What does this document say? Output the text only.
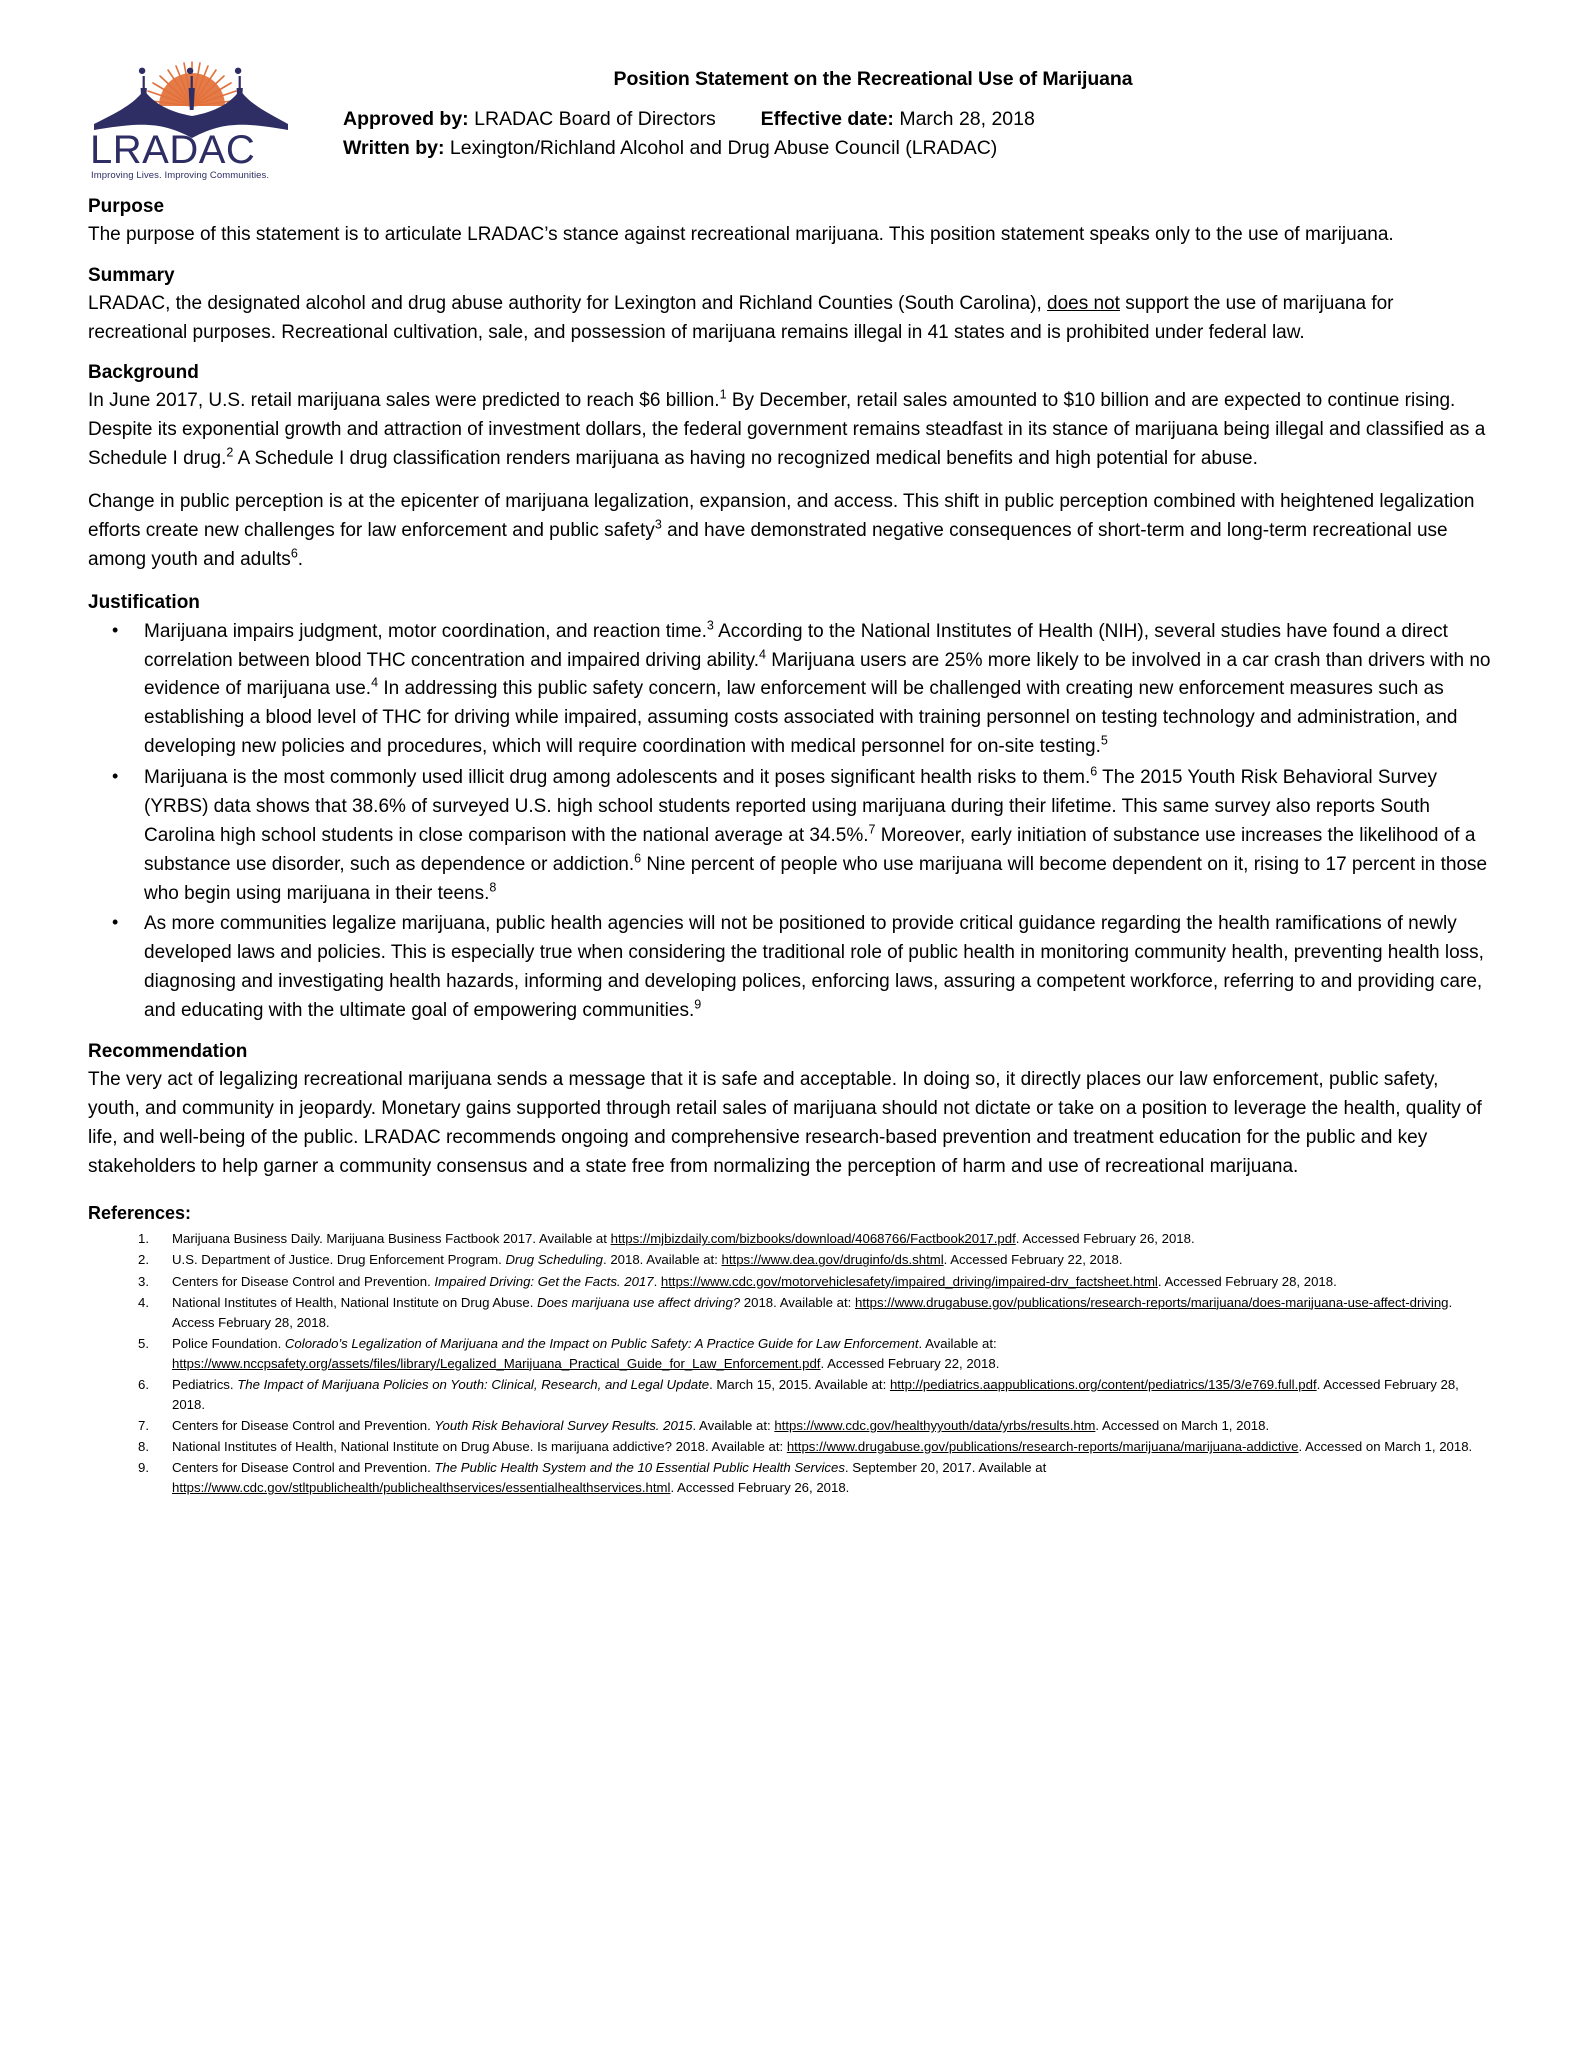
LRADAC
Improving Lives. Improving Communities.
Position Statement on the Recreational Use of Marijuana
Approved by: LRADAC Board of Directors Effective date: March 28, 2018
Written by: Lexington/Richland Alcohol and Drug Abuse Council (LRADAC)
Purpose

The purpose of this statement is to articulate LRADAC’s stance against recreational marijuana. This position statement speaks only to the use of marijuana.

Summary

LRADAC, the designated alcohol and drug abuse authority for Lexington and Richland Counties (South Carolina), does not support the use of marijuana for recreational purposes. Recreational cultivation, sale, and possession of marijuana remains illegal in 41 states and is prohibited under federal law.

Background

In June 2017, U.S. retail marijuana sales were predicted to reach $6 billion.$^1$ By December, retail sales amounted to $10 billion and are expected to continue rising. Despite its exponential growth and attraction of investment dollars, the federal government remains steadfast in its stance of marijuana being illegal and classified as a Schedule I drug.$^2$ A Schedule I drug classification renders marijuana as having no recognized medical benefits and high potential for abuse.

Change in public perception is at the epicenter of marijuana legalization, expansion, and access. This shift in public perception combined with heightened legalization efforts create new challenges for law enforcement and public safety$^3$ and have demonstrated negative consequences of short-term and long-term recreational use among youth and adults$^6$.

Justification
• Marijuana impairs judgment, motor coordination, and reaction time.$^3$ According to the National Institutes of Health (NIH), several studies have found a direct correlation between blood THC concentration and impaired driving ability.$^4$ Marijuana users are 25% more likely to be involved in a car crash than drivers with no evidence of marijuana use.$^4$ In addressing this public safety concern, law enforcement will be challenged with creating new enforcement measures such as establishing a blood level of THC for driving while impaired, assuming costs associated with training personnel on testing technology and administration, and developing new policies and procedures, which will require coordination with medical personnel for on-site testing.$^5$
• Marijuana is the most commonly used illicit drug among adolescents and it poses significant health risks to them.$^6$ The 2015 Youth Risk Behavioral Survey (YRBS) data shows that 38.6% of surveyed U.S. high school students reported using marijuana during their lifetime. This same survey also reports South Carolina high school students in close comparison with the national average at 34.5%.$^7$ Moreover, early initiation of substance use increases the likelihood of a substance use disorder, such as dependence or addiction.$^6$ Nine percent of people who use marijuana will become dependent on it, rising to 17 percent in those who begin using marijuana in their teens.$^8$
• As more communities legalize marijuana, public health agencies will not be positioned to provide critical guidance regarding the health ramifications of newly developed laws and policies. This is especially true when considering the traditional role of public health in monitoring community health, preventing health loss, diagnosing and investigating health hazards, informing and developing polices, enforcing laws, assuring a competent workforce, referring to and providing care, and educating with the ultimate goal of empowering communities.$^9$
Recommendation

The very act of legalizing recreational marijuana sends a message that it is safe and acceptable. In doing so, it directly places our law enforcement, public safety, youth, and community in jeopardy. Monetary gains supported through retail sales of marijuana should not dictate or take on a position to leverage the health, quality of life, and well-being of the public. LRADAC recommends ongoing and comprehensive research-based prevention and treatment education for the public and key stakeholders to help garner a community consensus and a state free from normalizing the perception of harm and use of recreational marijuana.

References:
Marijuana Business Daily. Marijuana Business Factbook 2017. Available at https://mjbizdaily.com/bizbooks/download/4068766/Factbook2017.pdf. Accessed February 26, 2018.
U.S. Department of Justice. Drug Enforcement Program. Drug Scheduling. 2018. Available at: https://www.dea.gov/druginfo/ds.shtml. Accessed February 22, 2018.
Centers for Disease Control and Prevention. Impaired Driving: Get the Facts. 2017. https://www.cdc.gov/motorvehiclesafety/impaired_driving/impaired-drv_factsheet.html. Accessed February 28, 2018.
National Institutes of Health, National Institute on Drug Abuse. Does marijuana use affect driving? 2018. Available at: https://www.drugabuse.gov/publications/research-reports/marijuana/does-marijuana-use-affect-driving. Access February 28, 2018.
Police Foundation. Colorado’s Legalization of Marijuana and the Impact on Public Safety: A Practice Guide for Law Enforcement. Available at: https://www.nccpsafety.org/assets/files/library/Legalized_Marijuana_Practical_Guide_for_Law_Enforcement.pdf. Accessed February 22, 2018.
Pediatrics. The Impact of Marijuana Policies on Youth: Clinical, Research, and Legal Update. March 15, 2015. Available at: http://pediatrics.aappublications.org/content/pediatrics/135/3/e769.full.pdf. Accessed February 28, 2018.
Centers for Disease Control and Prevention. Youth Risk Behavioral Survey Results. 2015. Available at: https://www.cdc.gov/healthyyouth/data/yrbs/results.htm. Accessed on March 1, 2018.
National Institutes of Health, National Institute on Drug Abuse. Is marijuana addictive? 2018. Available at: https://www.drugabuse.gov/publications/research-reports/marijuana/marijuana-addictive. Accessed on March 1, 2018.
Centers for Disease Control and Prevention. The Public Health System and the 10 Essential Public Health Services. September 20, 2017. Available at https://www.cdc.gov/stltpublichealth/publichealthservices/essentialhealthservices.html. Accessed February 26, 2018.
